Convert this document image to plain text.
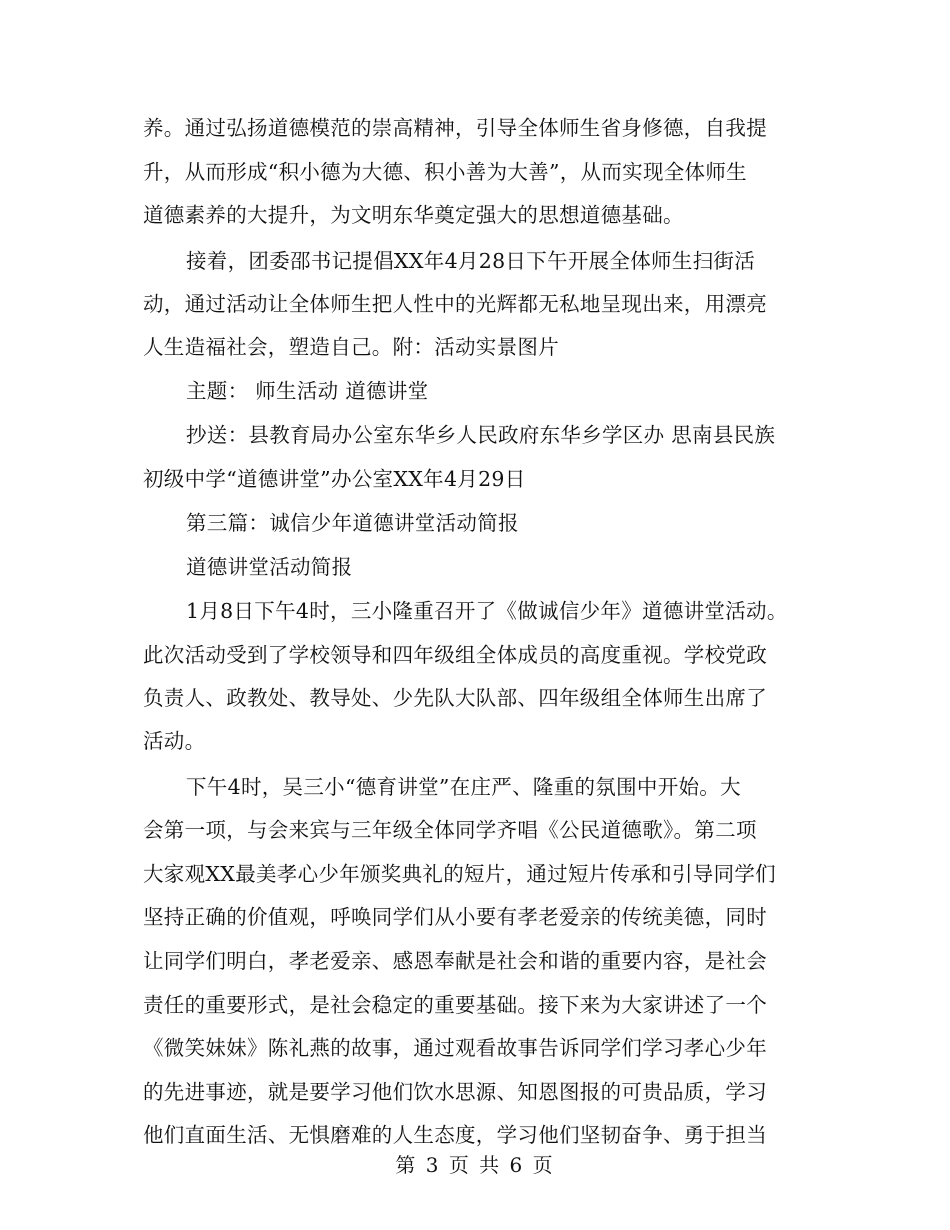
养。通过弘扬道德模范的崇高精神，引导全体师生省身修德，自我提
升，从而形成“积小德为大德、积小善为大善”，从而实现全体师生
道德素养的大提升，为文明东华奠定强大的思想道德基础。
接着，团委邵书记提倡XX年4月28日下午开展全体师生扫街活
动，通过活动让全体师生把人性中的光辉都无私地呈现出来，用漂亮
人生造福社会，塑造自己。附：活动实景图片
主题： 师生活动 道德讲堂
抄送：县教育局办公室东华乡人民政府东华乡学区办 思南县民族
初级中学“道德讲堂”办公室XX年4月29日
第三篇：诚信少年道德讲堂活动简报
道德讲堂活动简报
1月8日下午4时，三小隆重召开了《做诚信少年》道德讲堂活动。
此次活动受到了学校领导和四年级组全体成员的高度重视。学校党政
负责人、政教处、教导处、少先队大队部、四年级组全体师生出席了
活动。
下午4时，吴三小“德育讲堂”在庄严、隆重的氛围中开始。大
会第一项，与会来宾与三年级全体同学齐唱《公民道德歌》。第二项
大家观XX最美孝心少年颁奖典礼的短片，通过短片传承和引导同学们
坚持正确的价值观，呼唤同学们从小要有孝老爱亲的传统美德，同时
让同学们明白，孝老爱亲、感恩奉献是社会和谐的重要内容，是社会
责任的重要形式，是社会稳定的重要基础。接下来为大家讲述了一个
《微笑妹妹》陈礼燕的故事，通过观看故事告诉同学们学习孝心少年
的先进事迹，就是要学习他们饮水思源、知恩图报的可贵品质，学习
他们直面生活、无惧磨难的人生态度，学习他们坚韧奋争、勇于担当
第 3 页 共 6 页
